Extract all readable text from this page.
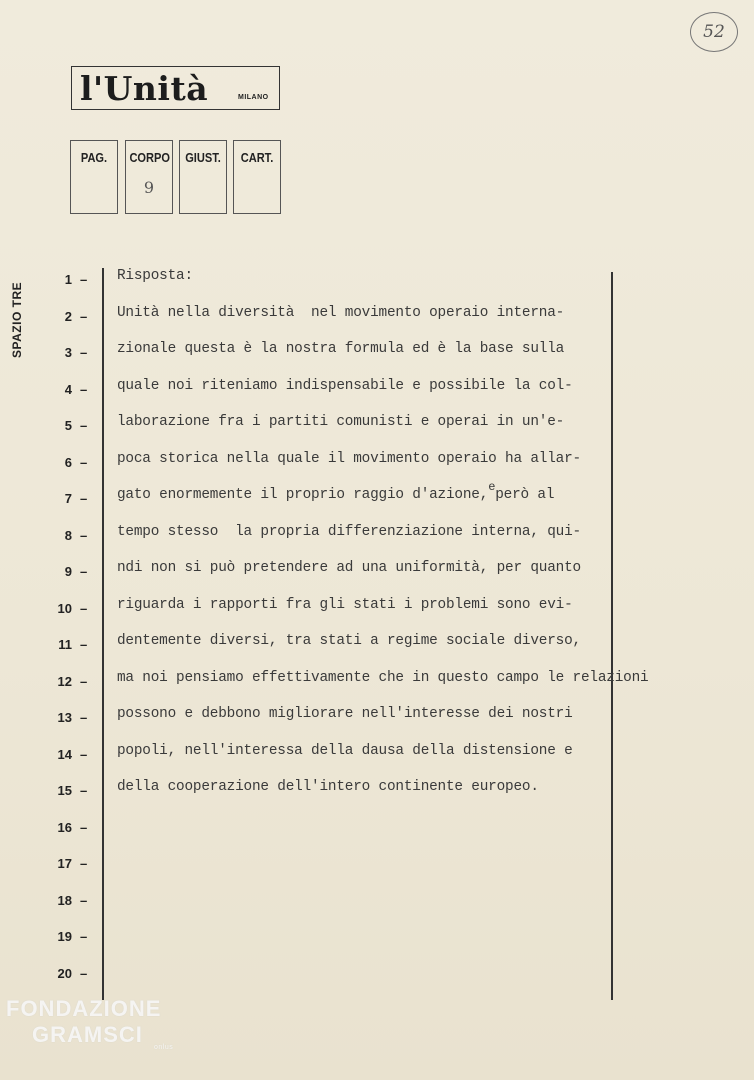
52
l'Unità	MILANO
PAG.	CORPO
9
GIUST. CART.
SPAZIO TRE
1 –
2 –
3 –
4 –
5 –
6 –
7 –
8 –
9 –
10 –
11 –
12 –
13 –
14 –
15 –
16 –
17 –
18 –
19 –
20 –
Risposta:
Unità nella diversità  nel movimento operaio interna-
zionale questa è la nostra formula ed è la base sulla
quale noi riteniamo indispensabile e possibile la col-
laborazione fra i partiti comunisti e operai in un'e-
poca storica nella quale il movimento operaio ha allar-
gato enormemente il proprio raggio d'azione,$^e$però al
tempo stesso  la propria differenziazione interna, qui-
ndi non si può pretendere ad una uniformità, per quanto
riguarda i rapporti fra gli stati i problemi sono evi-
dentemente diversi, tra stati a regime sociale diverso,
ma noi pensiamo effettivamente che in questo campo le relazioni
possono e debbono migliorare nell'interesse dei nostri
popoli, nell'interessa della dausa della distensione e
della cooperazione dell'intero continente europeo.
FONDAZIONE
GRAMSCI
onlus
